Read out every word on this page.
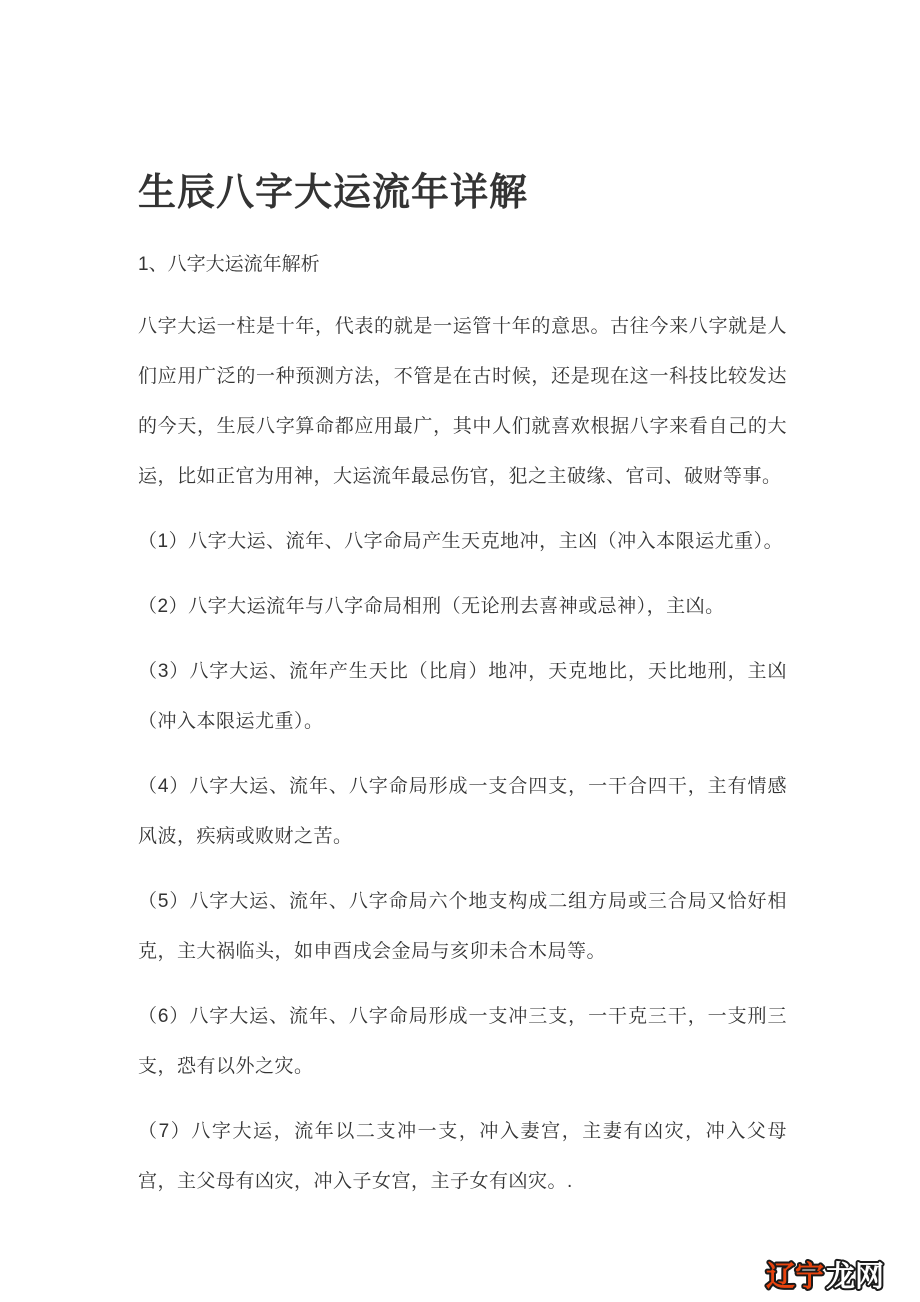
生辰八字大运流年详解

1、八字大运流年解析

八字大运一柱是十年，代表的就是一运管十年的意思。古往今来八字就是人们应用广泛的一种预测方法，不管是在古时候，还是现在这一科技比较发达的今天，生辰八字算命都应用最广，其中人们就喜欢根据八字来看自己的大运，比如正官为用神，大运流年最忌伤官，犯之主破缘、官司、破财等事。

（1）八字大运、流年、八字命局产生天克地冲，主凶（冲入本限运尤重）。

（2）八字大运流年与八字命局相刑（无论刑去喜神或忌神），主凶。

（3）八字大运、流年产生天比（比肩）地冲，天克地比，天比地刑，主凶（冲入本限运尤重）。

（4）八字大运、流年、八字命局形成一支合四支，一干合四干，主有情感风波，疾病或败财之苦。

（5）八字大运、流年、八字命局六个地支构成二组方局或三合局又恰好相克，主大祸临头，如申酉戌会金局与亥卯未合木局等。

（6）八字大运、流年、八字命局形成一支冲三支，一干克三干，一支刑三支，恐有以外之灾。

（7）八字大运，流年以二支冲一支，冲入妻宫，主妻有凶灾，冲入父母宫，主父母有凶灾，冲入子女宫，主子女有凶灾。.

辽宁 龙网
